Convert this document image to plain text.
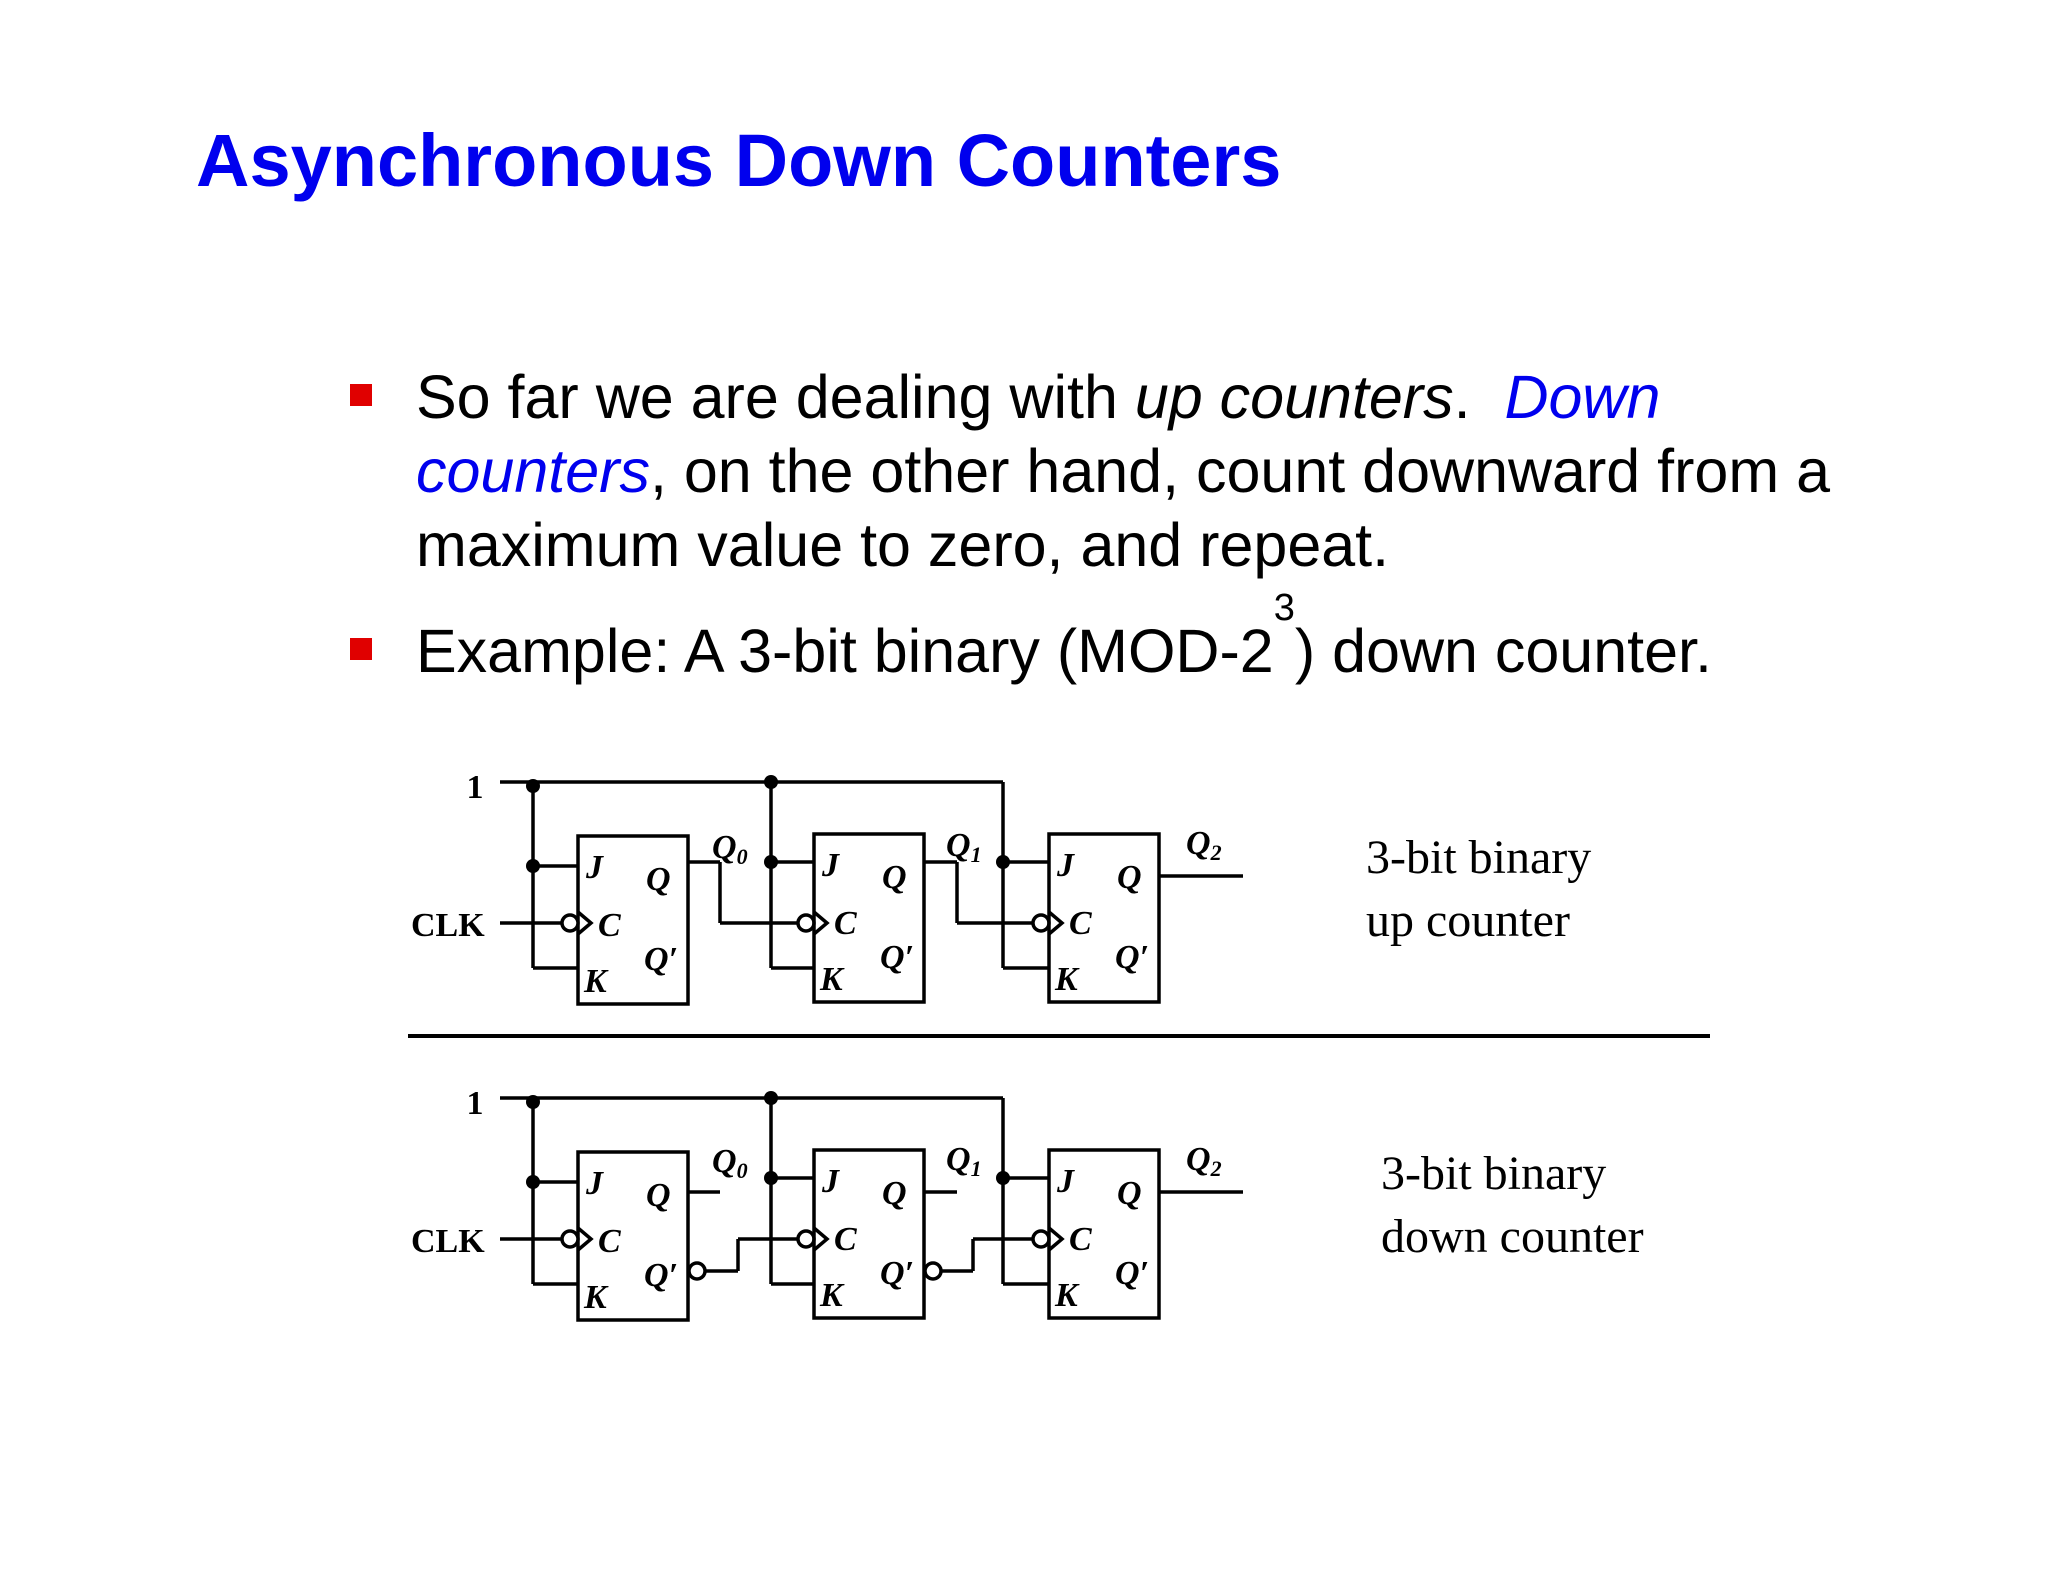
Asynchronous Down Counters
So far we are dealing with up counters.  Down counters, on the other hand, count downward from a maximum value to zero, and repeat.
Example: A 3-bit binary $(MOD-2^3)$ down counter.
1
CLK
J
C
K
Q
Q′
J
C
K
Q
Q′
J
C
K
Q
Q′
Q0	Q1	Q2	3-bit binary
up counter
1
CLK
J
C
K
Q
Q′
J
C
K
Q
Q′
J
C
K
Q
Q′
Q0	Q1	Q2	3-bit binary
down counter
